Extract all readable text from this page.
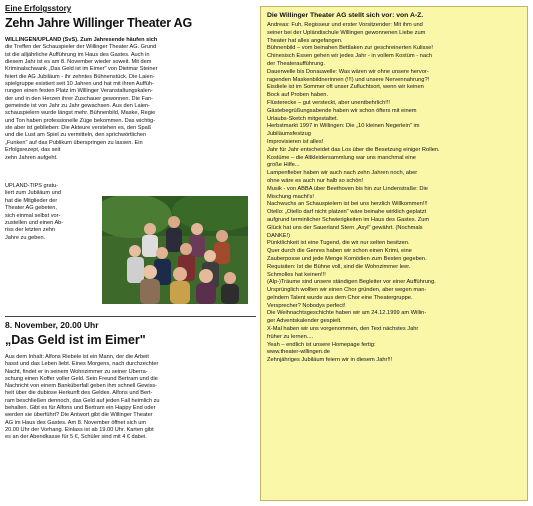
Eine Erfolgsstory
Zehn Jahre Willinger Theater AG
WILLINGEN/UPLAND (SvS). Zum Jahresende häufen sich
die Treffen der Schauspieler der Willinger Theater AG. Grund
ist die alljährliche Aufführung im Haus des Gastes. Auch in
diesem Jahr ist es am 8. November wieder soweit. Mit dem
Kriminalschwank „Das Geld ist im Eimer" von Dietmar Steiner
feiert die AG Jubiläum - ihr zehntes Bühnenstück. Die Laien-
spielgruppe existiert seit 10 Jahren und hat mit ihren Auffüh-
rungen einen festen Platz im Willinger Veranstaltungskalen-
der und in den Herzen ihrer Zuschauer gewonnen. Die Fan-
gemeinde ist von Jahr zu Jahr gewachsen. Aus den Laien-
schauspielern wurde längst mehr. Bühnenbild, Maske, Regie
und Ton haben professionelle Züge bekommen. Das wichtig-
ste aber ist geblieben: Die Akteure verstehen es, den Spaß
und die Lust am Spiel zu vermitteln, den sprichwörtlichen
„Funken" auf das Publikum überspringen zu lassen. Ein
Erfolgsrezept, das seit
zehn Jahren aufgeht.
UPLAND-TIPS gratu-
liert zum Jubiläum und
hat die Mitglieder der
Theater AG gebeten,
sich einmal selbst vor-
zustellen und einen Ab-
riss der letzten zehn
Jahre zu geben.
8. November, 20.00 Uhr
„Das Geld ist im Eimer"
Aus dem Inhalt: Alfons Riebele ist ein Mann, der die Arbeit
hasst und das Leben liebt. Eines Morgens, nach durchzechter
Nacht, findet er in seinem Wohnzimmer zu seiner Überra-
schung einen Koffer voller Geld. Sein Freund Bertram und die
Nachricht von einem Banküberfall geben ihm schnell Gewiss-
heit über die dubiose Herkunft des Geldes. Alfons und Bert-
ram beschließen dennoch, das Geld auf jeden Fall heimlich zu
behalten. Gibt es für Alfons und Bertram ein Happy End oder
werden sie überführt? Die Antwort gibt die Willinger Theater
AG im Haus des Gastes. Am 8. November öffnet sich um
20.00 Uhr der Vorhang. Einlass ist ab 19.00 Uhr. Karten gibt
es an der Abendkasse für 5 €, Schüler sind mit 4 € dabei.
Die Willinger Theater AG stellt sich vor: von A-Z.
Andreas: Fuh, Regisseur und erster Vorsitzender: Mit ihm und
seiner bei der Upländischule Willingen gewonnenen Liebe zum
Theater hat alles angefangen.
Bühnenbild – vom beinahen Bettlaken zur geschreinerten Kulisse!
Chinesisch Essen gehen wir jedes Jahr - in vollem Kostüm - nach
der Theateraufführung.
Dauerwelle bis Donauwelle: Was wären wir ohne unsere hervor-
ragenden Maskenbildnerinnen (!!!) und unsere Nervennahrung?!
Eisdiele ist im Sommer oft unser Zufluchtsort, wenn wir keinen
Bock auf Proben haben.
Flüsterecke – gut versteckt, aber unentbehrlich!!!
Gästebegrüßungsabende haben wir schon öfters mit einem
Urlaubs-Sketch mitgestaltet.
Herbstmarkt 1997 in Willingen: Die „10 kleinen Negerlein" im
Jubiläumsfestzug
Improvisieren ist alles!
Jahr für Jahr entscheidet das Los über die Besetzung einiger Rollen.
Kostüme – die Altkleidersammlung war uns manchmal eine
große Hilfe...
Lampenfieber haben wir auch nach zehn Jahren noch, aber
ohne wäre es auch nur halb so schön!
Musik - von ABBA über Beethoven bis hin zur Lindenstraße: Die
Mischung macht's!
Nachwuchs an Schauspielern ist bei uns herzlich Willkommen!!!
Otello: „Otello darf nicht platzen" wäre beinahe wirklich geplatzt
aufgrund terminlicher Schwierigkeiten im Haus des Gastes. Zum
Glück hat uns der Sauerland Stern „Asyl" gewährt. (Nochmals
DANKE!)
Pünktlichkeit ist eine Tugend, die wir nur selten besitzen.
Quer durch die Genres haben wir schon einen Krimi, eine
Zauberposse und jede Menge Komödien zum Besten gegeben.
Requisiten: Ist die Bühne voll, sind die Wohnzimmer leer.
Schmolles hat keinen!!!
(Alp-)Träume sind unsere ständigen Begleiter vor einer Aufführung.
Ursprünglich wollten wir einen Chor gründen, aber wegen man-
gelndem Talent wurde aus dem Chor eine Theatergruppe.
Versprecher? Nobodys perfect!
Die Weihnachtsgeschichte haben wir am 24.12.1999 am Willin-
ger Adventskalender gespielt.
X-Mal haben wir uns vorgenommen, den Text nächstes Jahr
früher zu lernen....
Yeah – endlich ist unsere Homepage fertig:
www.theater-willingen.de
Zehnjähriges Jubiläum feiern wir in diesem Jahr!!!
